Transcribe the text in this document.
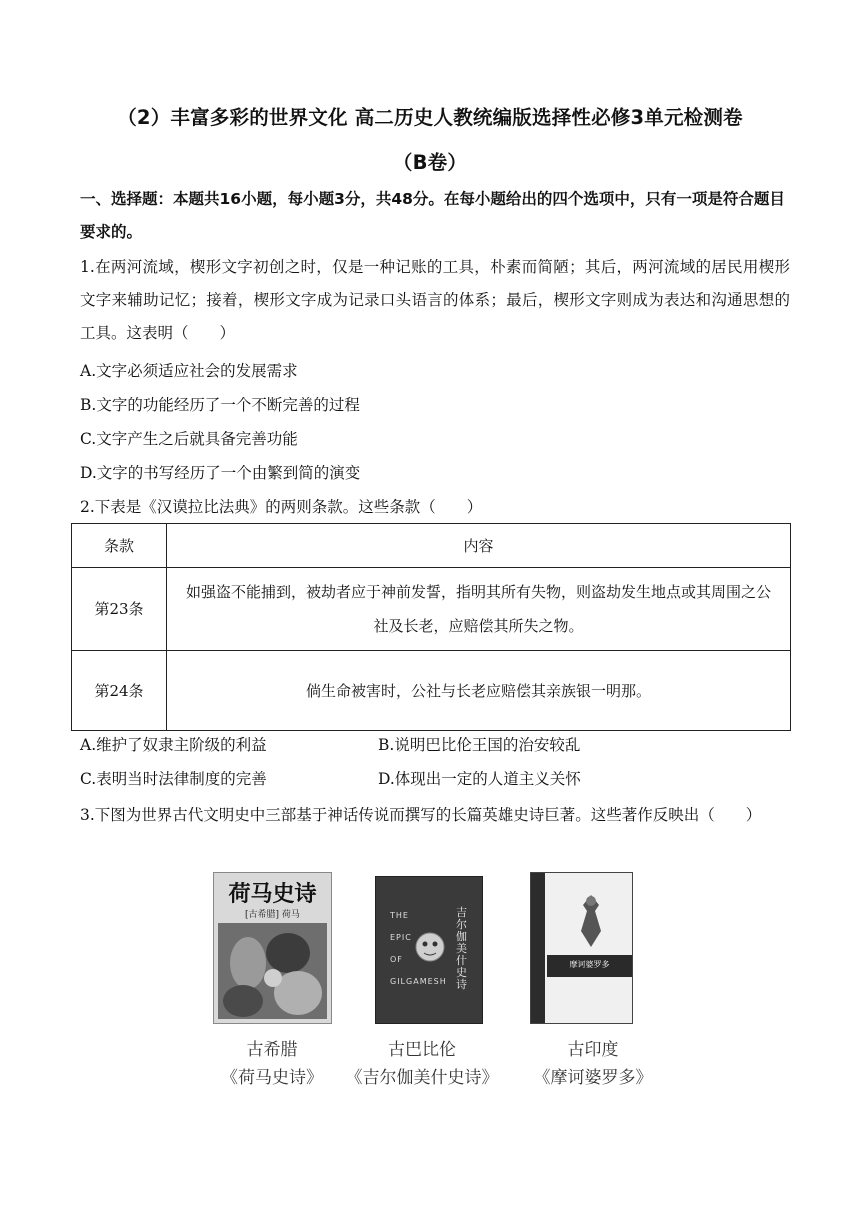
（2）丰富多彩的世界文化 高二历史人教统编版选择性必修3单元检测卷
（B卷）
一、选择题：本题共16小题，每小题3分，共48分。在每小题给出的四个选项中，只有一项是符合题目要求的。
1.在两河流域，楔形文字初创之时，仅是一种记账的工具，朴素而简陋；其后，两河流域的居民用楔形文字来辅助记忆；接着，楔形文字成为记录口头语言的体系；最后，楔形文字则成为表达和沟通思想的工具。这表明（　　）
A.文字必须适应社会的发展需求
B.文字的功能经历了一个不断完善的过程
C.文字产生之后就具备完善功能
D.文字的书写经历了一个由繁到简的演变
2.下表是《汉谟拉比法典》的两则条款。这些条款（　　）
条款	内容
第23条	如强盗不能捕到，被劫者应于神前发誓，指明其所有失物，则盗劫发生地点或其周围之公社及长老，应赔偿其所失之物。
第24条	倘生命被害时，公社与长老应赔偿其亲族银一明那。
A.维护了奴隶主阶级的利益	B.说明巴比伦王国的治安较乱
C.表明当时法律制度的完善	D.体现出一定的人道主义关怀
3.下图为世界古代文明史中三部基于神话传说而撰写的长篇英雄史诗巨著。这些著作反映出（　　）
荷马史诗
[古希腊] 荷马	THE
EPIC
OF
GILGAMESH
吉尔伽美什史诗
摩诃婆罗多
古希腊
《荷马史诗》
古巴比伦
《吉尔伽美什史诗》
古印度
《摩诃婆罗多》
